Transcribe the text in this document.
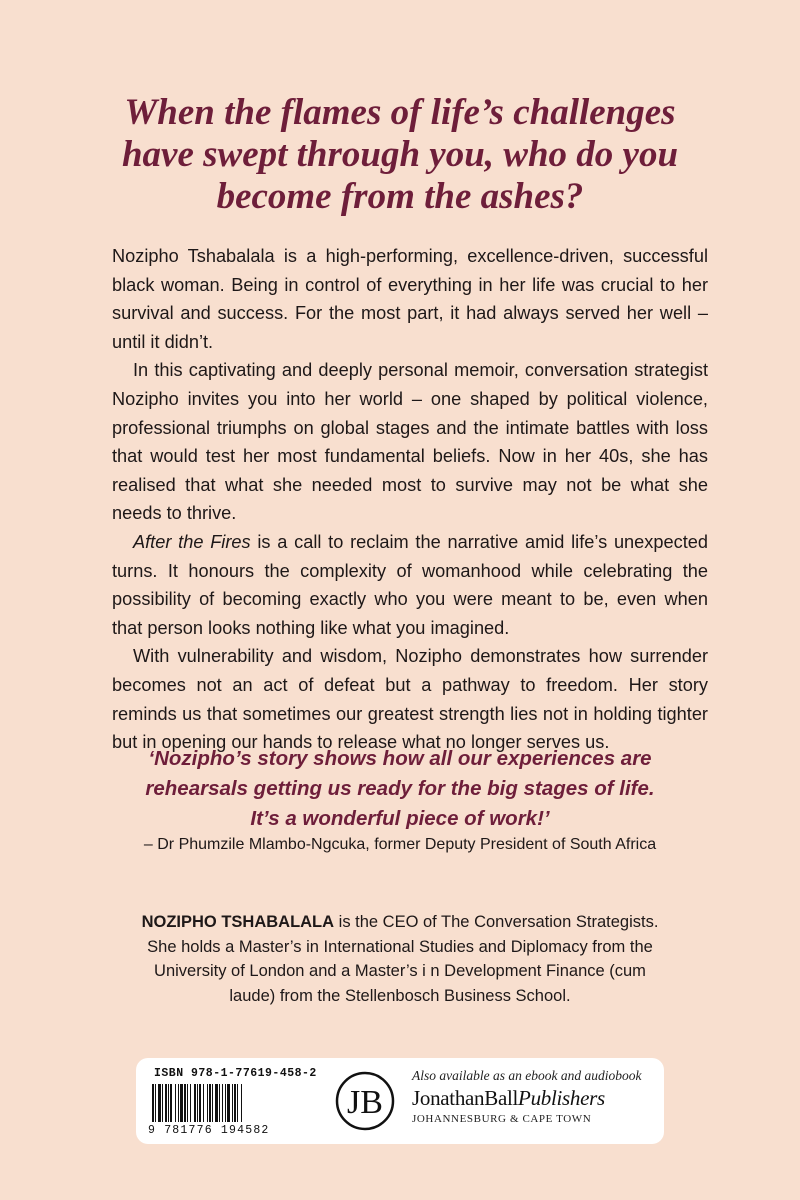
When the flames of life’s challenges
have swept through you, who do you
become from the ashes?

Nozipho Tshabalala is a high-performing, excellence-driven, successful black woman. Being in control of everything in her life was crucial to her survival and success. For the most part, it had always served her well – until it didn’t.

In this captivating and deeply personal memoir, conversation strategist Nozipho invites you into her world – one shaped by political violence, professional triumphs on global stages and the intimate battles with loss that would test her most fundamental beliefs. Now in her 40s, she has realised that what she needed most to survive may not be what she needs to thrive.

After the Fires is a call to reclaim the narrative amid life’s unexpected turns. It honours the complexity of womanhood while celebrating the possibility of becoming exactly who you were meant to be, even when that person looks nothing like what you imagined.

With vulnerability and wisdom, Nozipho demonstrates how surrender becomes not an act of defeat but a pathway to freedom. Her story reminds us that sometimes our greatest strength lies not in holding tighter but in opening our hands to release what no longer serves us.

‘Nozipho’s story shows how all our experiences are
rehearsals getting us ready for the big stages of life.
It’s a wonderful piece of work!’
– Dr Phumzile Mlambo-Ngcuka, former Deputy President of South Africa
NOZIPHO TSHABALALA is the CEO of The Conversation Strategists.
She holds a Master’s in International Studies and Diplomacy from the
University of London and a Master’s i n Development Finance (cum
laude) from the Stellenbosch Business School.
ISBN 978-1-77619-458-2
9 781776 194582
JB
Also available as an ebook and audiobook
JonathanBallPublishers
JOHANNESBURG & CAPE TOWN
